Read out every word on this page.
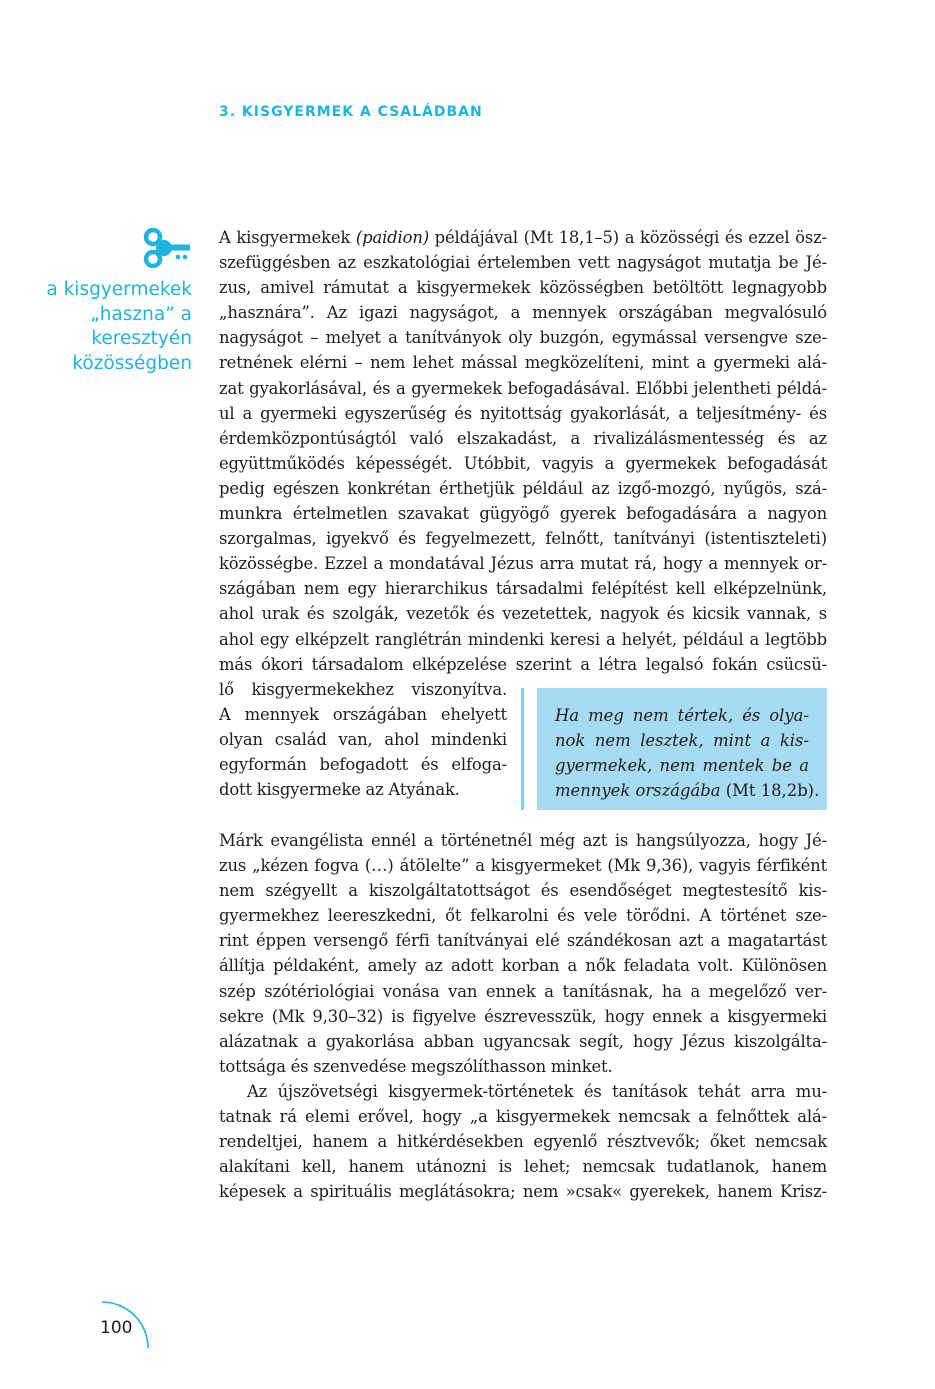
3. KISGYERMEK A CSALÁDBAN
a kisgyermekek
„haszna” a
keresztyén
közösségben
A kisgyermekek (paidion) példájával (Mt 18,1–5) a közösségi és ezzel ösz-
szefüggésben az eszkatológiai értelemben vett nagyságot mutatja be Jé-
zus, amivel rámutat a kisgyermekek közösségben betöltött legnagyobb
„hasznára”. Az igazi nagyságot, a mennyek országában megvalósuló
nagyságot – melyet a tanítványok oly buzgón, egymással versengve sze-
retnének elérni – nem lehet mással megközelíteni, mint a gyermeki alá-
zat gyakorlásával, és a gyermekek befogadásával. Előbbi jelentheti példá-
ul a gyermeki egyszerűség és nyitottság gyakorlását, a teljesítmény- és
érdemközpontúságtól való elszakadást, a rivalizálásmentesség és az
együttműködés képességét. Utóbbit, vagyis a gyermekek befogadását
pedig egészen konkrétan érthetjük például az izgő-mozgó, nyűgös, szá-
munkra értelmetlen szavakat gügyögő gyerek befogadására a nagyon
szorgalmas, igyekvő és fegyelmezett, felnőtt, tanítványi (istentiszteleti)
közösségbe. Ezzel a mondatával Jézus arra mutat rá, hogy a mennyek or-
szágában nem egy hierarchikus társadalmi felépítést kell elképzelnünk,
ahol urak és szolgák, vezetők és vezetettek, nagyok és kicsik vannak, s
ahol egy elképzelt ranglétrán mindenki keresi a helyét, például a legtöbb
más ókori társadalom elképzelése szerint a létra legalsó fokán csücsü-
lő kisgyermekekhez viszonyítva.
A mennyek országában ehelyett
olyan család van, ahol mindenki
egyformán befogadott és elfoga-
dott kisgyermeke az Atyának.
Ha meg nem tértek, és olya-
nok nem lesztek, mint a kis-
gyermekek, nem mentek be a
mennyek országába (Mt 18,2b).
Márk evangélista ennél a történetnél még azt is hangsúlyozza, hogy Jé-
zus „kézen fogva (…) átölelte” a kisgyermeket (Mk 9,36), vagyis férfiként
nem szégyellt a kiszolgáltatottságot és esendőséget megtestesítő kis-
gyermekhez leereszkedni, őt felkarolni és vele törődni. A történet sze-
rint éppen versengő férfi tanítványai elé szándékosan azt a magatartást
állítja példaként, amely az adott korban a nők feladata volt. Különösen
szép szótériológiai vonása van ennek a tanításnak, ha a megelőző ver-
sekre (Mk 9,30–32) is figyelve észrevesszük, hogy ennek a kisgyermeki
alázatnak a gyakorlása abban ugyancsak segít, hogy Jézus kiszolgálta-
tottsága és szenvedése megszólíthasson minket.
Az újszövetségi kisgyermek-történetek és tanítások tehát arra mu-
tatnak rá elemi erővel, hogy „a kisgyermekek nemcsak a felnőttek alá-
rendeltjei, hanem a hitkérdésekben egyenlő résztvevők; őket nemcsak
alakítani kell, hanem utánozni is lehet; nemcsak tudatlanok, hanem
képesek a spirituális meglátásokra; nem »csak« gyerekek, hanem Krisz-
100
